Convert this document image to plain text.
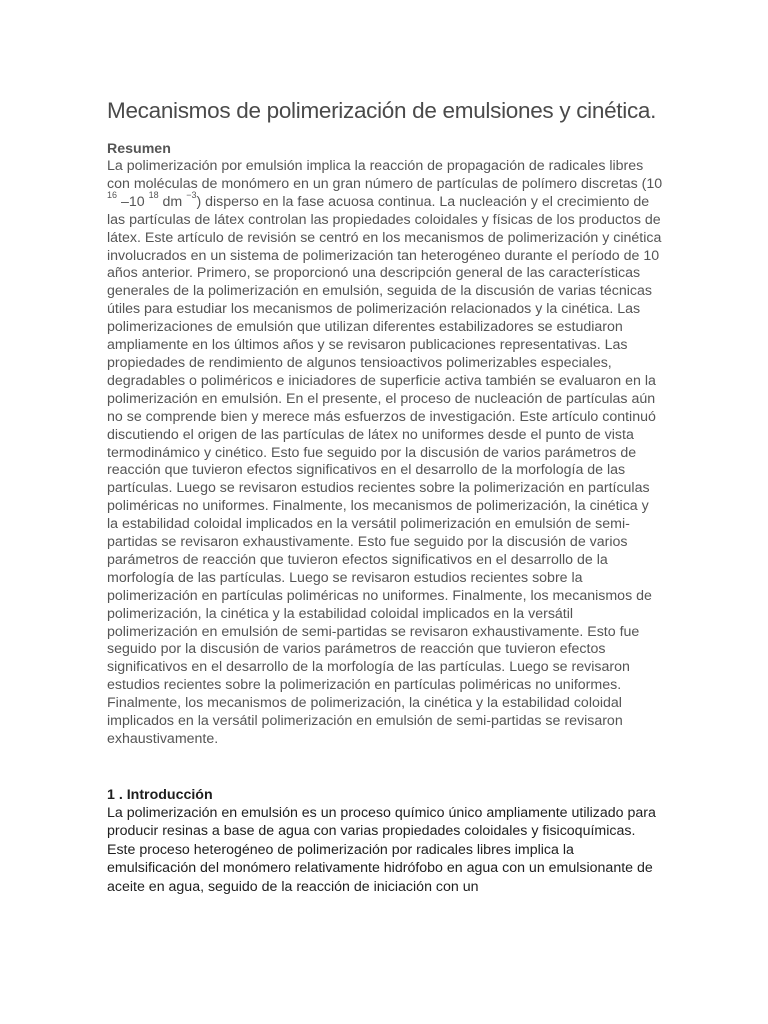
Mecanismos de polimerización de emulsiones y cinética.
Resumen

La polimerización por emulsión implica la reacción de propagación de radicales libres con moléculas de monómero en un gran número de partículas de polímero discretas (10 $^{16}$ –10 $^{18}$ dm $^{-3}$) disperso en la fase acuosa continua. La nucleación y el crecimiento de las partículas de látex controlan las propiedades coloidales y físicas de los productos de látex. Este artículo de revisión se centró en los mecanismos de polimerización y cinética involucrados en un sistema de polimerización tan heterogéneo durante el período de 10 años anterior. Primero, se proporcionó una descripción general de las características generales de la polimerización en emulsión, seguida de la discusión de varias técnicas útiles para estudiar los mecanismos de polimerización relacionados y la cinética. Las polimerizaciones de emulsión que utilizan diferentes estabilizadores se estudiaron ampliamente en los últimos años y se revisaron publicaciones representativas. Las propiedades de rendimiento de algunos tensioactivos polimerizables especiales, degradables o poliméricos e iniciadores de superficie activa también se evaluaron en la polimerización en emulsión. En el presente, el proceso de nucleación de partículas aún no se comprende bien y merece más esfuerzos de investigación. Este artículo continuó discutiendo el origen de las partículas de látex no uniformes desde el punto de vista termodinámico y cinético. Esto fue seguido por la discusión de varios parámetros de reacción que tuvieron efectos significativos en el desarrollo de la morfología de las partículas. Luego se revisaron estudios recientes sobre la polimerización en partículas poliméricas no uniformes. Finalmente, los mecanismos de polimerización, la cinética y la estabilidad coloidal implicados en la versátil polimerización en emulsión de semi-partidas se revisaron exhaustivamente. Esto fue seguido por la discusión de varios parámetros de reacción que tuvieron efectos significativos en el desarrollo de la morfología de las partículas. Luego se revisaron estudios recientes sobre la polimerización en partículas poliméricas no uniformes. Finalmente, los mecanismos de polimerización, la cinética y la estabilidad coloidal implicados en la versátil polimerización en emulsión de semi-partidas se revisaron exhaustivamente. Esto fue seguido por la discusión de varios parámetros de reacción que tuvieron efectos significativos en el desarrollo de la morfología de las partículas. Luego se revisaron estudios recientes sobre la polimerización en partículas poliméricas no uniformes. Finalmente, los mecanismos de polimerización, la cinética y la estabilidad coloidal implicados en la versátil polimerización en emulsión de semi-partidas se revisaron exhaustivamente.

1 . Introducción

La polimerización en emulsión es un proceso químico único ampliamente utilizado para producir resinas a base de agua con varias propiedades coloidales y fisicoquímicas. Este proceso heterogéneo de polimerización por radicales libres implica la emulsificación del monómero relativamente hidrófobo en agua con un emulsionante de aceite en agua, seguido de la reacción de iniciación con un
